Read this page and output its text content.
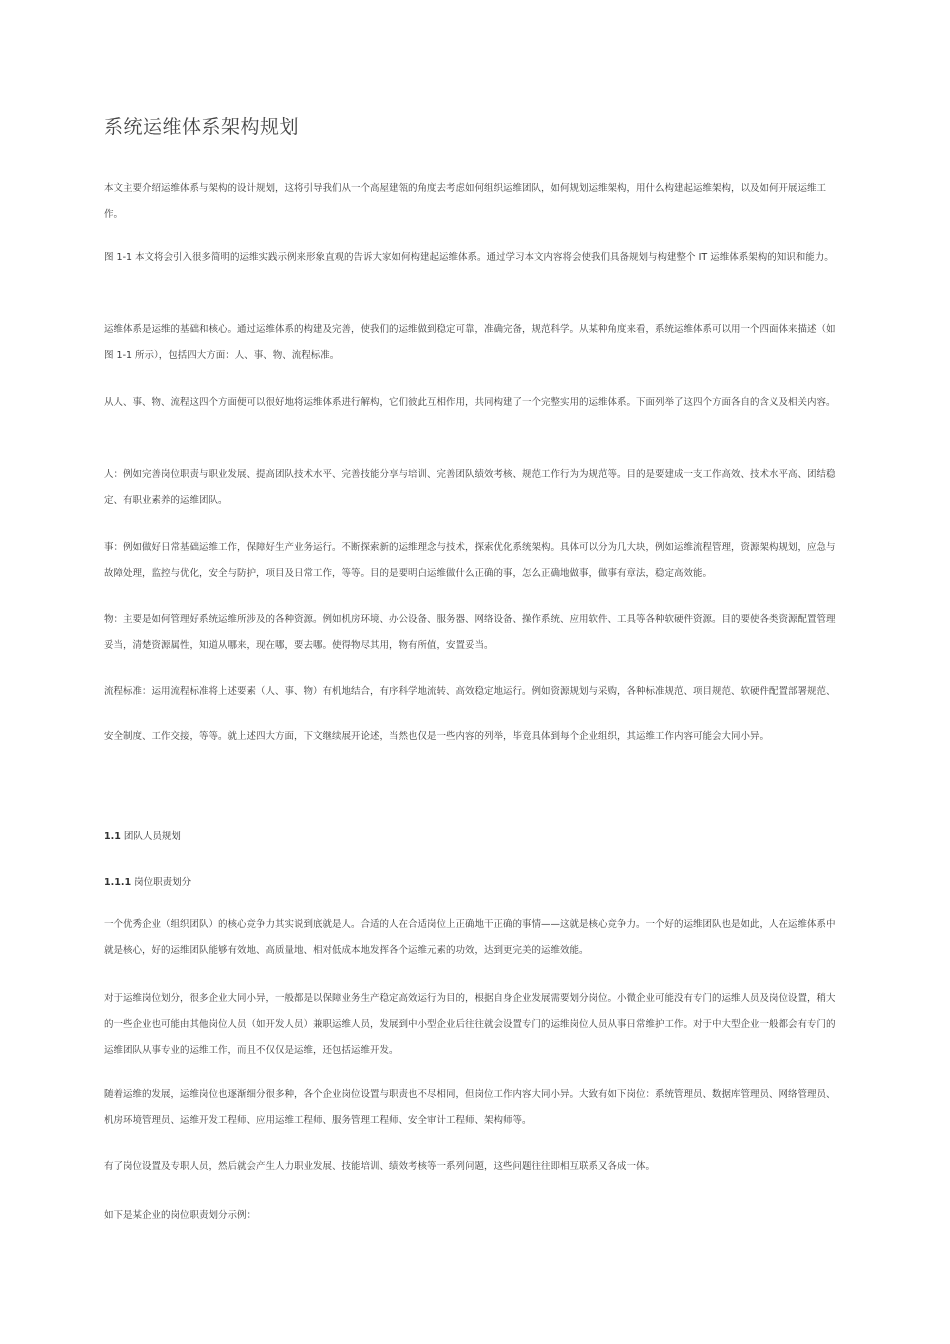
系统运维体系架构规划

本文主要介绍运维体系与架构的设计规划，这将引导我们从一个高屋建瓴的角度去考虑如何组织运维团队，如何规划运维架构，用什么构建起运维架构，以及如何开展运维工作。

图 1-1 本文将会引入很多简明的运维实践示例来形象直观的告诉大家如何构建起运维体系。通过学习本文内容将会使我们具备规划与构建整个 IT 运维体系架构的知识和能力。

运维体系是运维的基础和核心。通过运维体系的构建及完善，使我们的运维做到稳定可靠，准确完备，规范科学。从某种角度来看，系统运维体系可以用一个四面体来描述（如图 1-1 所示），包括四大方面：人、事、物、流程标准。

从人、事、物、流程这四个方面便可以很好地将运维体系进行解构，它们彼此互相作用，共同构建了一个完整实用的运维体系。下面列举了这四个方面各自的含义及相关内容。

人：例如完善岗位职责与职业发展、提高团队技术水平、完善技能分享与培训、完善团队绩效考核、规范工作行为为规范等。目的是要建成一支工作高效、技术水平高、团结稳定、有职业素养的运维团队。

事：例如做好日常基础运维工作，保障好生产业务运行。不断探索新的运维理念与技术，探索优化系统架构。具体可以分为几大块，例如运维流程管理，资源架构规划，应急与故障处理，监控与优化，安全与防护，项目及日常工作，等等。目的是要明白运维做什么正确的事，怎么正确地做事，做事有章法，稳定高效能。

物：主要是如何管理好系统运维所涉及的各种资源。例如机房环境、办公设备、服务器、网络设备、操作系统、应用软件、工具等各种软硬件资源。目的要使各类资源配置管理妥当，清楚资源属性，知道从哪来，现在哪，要去哪。使得物尽其用，物有所值，安置妥当。

流程标准：运用流程标准将上述要素（人、事、物）有机地结合，有序科学地流转、高效稳定地运行。例如资源规划与采购，各种标准规范、项目规范、软硬件配置部署规范、安全制度、工作交接，等等。就上述四大方面，下文继续展开论述，当然也仅是一些内容的列举，毕竟具体到每个企业组织，其运维工作内容可能会大同小异。

1.1 团队人员规划
1.1.1 岗位职责划分

一个优秀企业（组织团队）的核心竞争力其实说到底就是人。合适的人在合适岗位上正确地干正确的事情——这就是核心竞争力。一个好的运维团队也是如此，人在运维体系中就是核心，好的运维团队能够有效地、高质量地、相对低成本地发挥各个运维元素的功效，达到更完美的运维效能。

对于运维岗位划分，很多企业大同小异，一般都是以保障业务生产稳定高效运行为目的，根据自身企业发展需要划分岗位。小微企业可能没有专门的运维人员及岗位设置，稍大的一些企业也可能由其他岗位人员（如开发人员）兼职运维人员，发展到中小型企业后往往就会设置专门的运维岗位人员从事日常维护工作。对于中大型企业一般都会有专门的运维团队从事专业的运维工作，而且不仅仅是运维，还包括运维开发。

随着运维的发展，运维岗位也逐渐细分很多种，各个企业岗位设置与职责也不尽相同，但岗位工作内容大同小异。大致有如下岗位：系统管理员、数据库管理员、网络管理员、机房环境管理员、运维开发工程师、应用运维工程师、服务管理工程师、安全审计工程师、架构师等。

有了岗位设置及专职人员，然后就会产生人力职业发展、技能培训、绩效考核等一系列问题，这些问题往往即相互联系又各成一体。

如下是某企业的岗位职责划分示例：
